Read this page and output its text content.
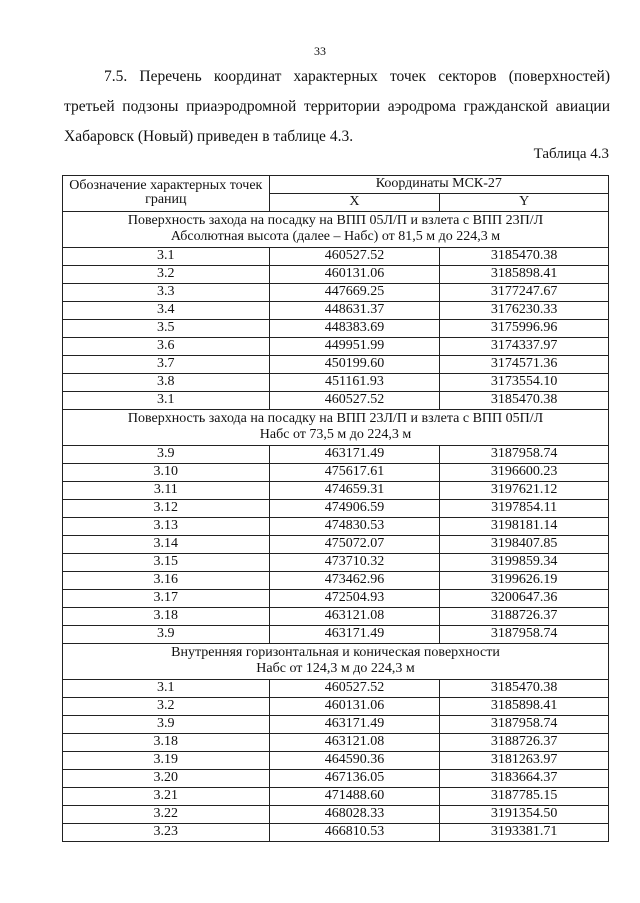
33
7.5. Перечень координат характерных точек секторов (поверхностей) третьей подзоны приаэродромной территории аэродрома гражданской авиации Хабаровск (Новый) приведен в таблице 4.3.
Таблица 4.3
Обозначение характерных точек границ	Координаты МСК-27	
	X	Y

Поверхность захода на посадку на ВПП 05Л/П и взлета с ВПП 23П/Л
Абсолютная высота (далее – Набс) от 81,5 м до 224,3 м		

3.1	460527.52	3185470.38
3.2	460131.06	3185898.41
3.3	447669.25	3177247.67
3.4	448631.37	3176230.33
3.5	448383.69	3175996.96
3.6	449951.99	3174337.97
3.7	450199.60	3174571.36
3.8	451161.93	3173554.10
3.1	460527.52	3185470.38

Поверхность захода на посадку на ВПП 23Л/П и взлета с ВПП 05П/Л
Набс от 73,5 м до 224,3 м		

3.9	463171.49	3187958.74
3.10	475617.61	3196600.23
3.11	474659.31	3197621.12
3.12	474906.59	3197854.11
3.13	474830.53	3198181.14
3.14	475072.07	3198407.85
3.15	473710.32	3199859.34
3.16	473462.96	3199626.19
3.17	472504.93	3200647.36
3.18	463121.08	3188726.37
3.9	463171.49	3187958.74

Внутренняя горизонтальная и коническая поверхности
Набс от 124,3 м до 224,3 м		

3.1	460527.52	3185470.38
3.2	460131.06	3185898.41
3.9	463171.49	3187958.74
3.18	463121.08	3188726.37
3.19	464590.36	3181263.97
3.20	467136.05	3183664.37
3.21	471488.60	3187785.15
3.22	468028.33	3191354.50
3.23	466810.53	3193381.71
